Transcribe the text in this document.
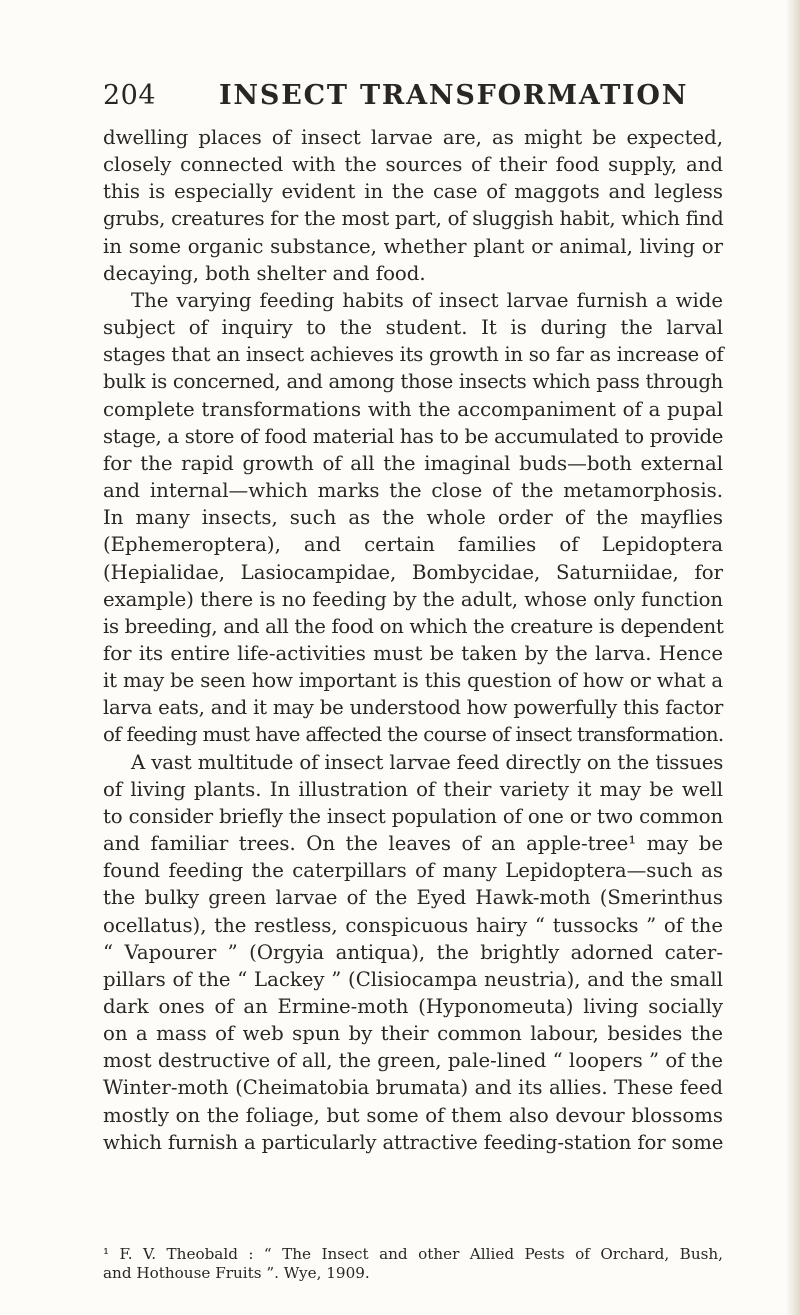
204 INSECT TRANSFORMATION

dwelling places of insect larvae are, as might be expected,
closely connected with the sources of their food supply, and
this is especially evident in the case of maggots and legless
grubs, creatures for the most part, of sluggish habit, which find
in some organic substance, whether plant or animal, living or
decaying, both shelter and food.

The varying feeding habits of insect larvae furnish a wide
subject of inquiry to the student. It is during the larval
stages that an insect achieves its growth in so far as increase of
bulk is concerned, and among those insects which pass through
complete transformations with the accompaniment of a pupal
stage, a store of food material has to be accumulated to provide
for the rapid growth of all the imaginal buds—both external
and internal—which marks the close of the metamorphosis.
In many insects, such as the whole order of the mayflies
(Ephemeroptera), and certain families of Lepidoptera
(Hepialidae, Lasiocampidae, Bombycidae, Saturniidae, for
example) there is no feeding by the adult, whose only function
is breeding, and all the food on which the creature is dependent
for its entire life-activities must be taken by the larva. Hence
it may be seen how important is this question of how or what a
larva eats, and it may be understood how powerfully this factor
of feeding must have affected the course of insect transformation.

A vast multitude of insect larvae feed directly on the tissues
of living plants. In illustration of their variety it may be well
to consider briefly the insect population of one or two common
and familiar trees. On the leaves of an apple-tree¹ may be
found feeding the caterpillars of many Lepidoptera—such as
the bulky green larvae of the Eyed Hawk-moth (Smerinthus
ocellatus), the restless, conspicuous hairy “ tussocks ” of the
“ Vapourer ” (Orgyia antiqua), the brightly adorned cater-
pillars of the “ Lackey ” (Clisiocampa neustria), and the small
dark ones of an Ermine-moth (Hyponomeuta) living socially
on a mass of web spun by their common labour, besides the
most destructive of all, the green, pale-lined “ loopers ” of the
Winter-moth (Cheimatobia brumata) and its allies. These feed
mostly on the foliage, but some of them also devour blossoms
which furnish a particularly attractive feeding-station for some

¹ F. V. Theobald : “ The Insect and other Allied Pests of Orchard, Bush,
and Hothouse Fruits ”. Wye, 1909.
